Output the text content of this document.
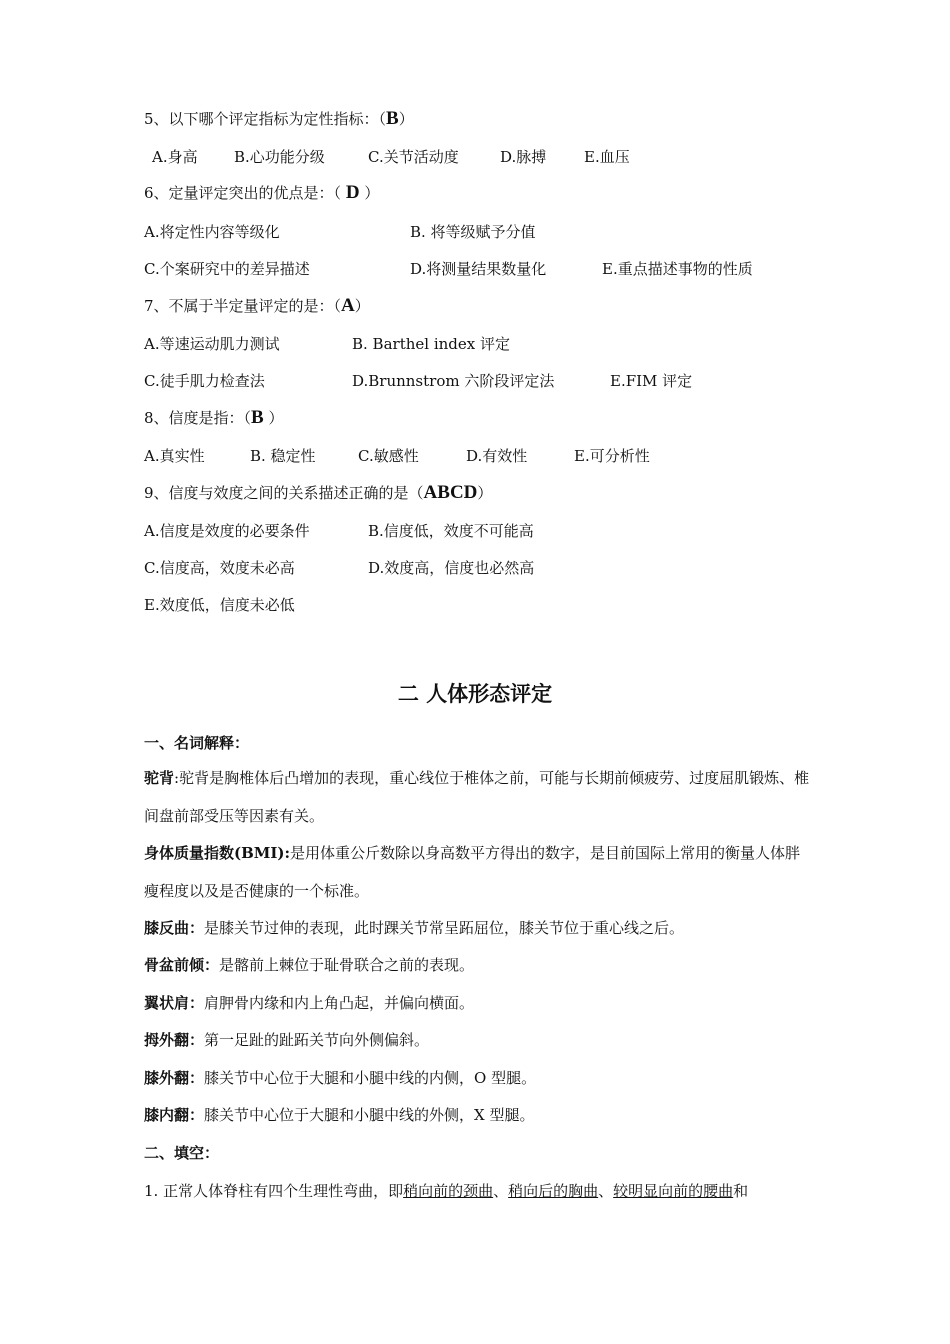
5、以下哪个评定指标为定性指标：（B）
A.身高 B.心功能分级	C.关节活动度	D.脉搏	E.血压
6、定量评定突出的优点是：（ D ）
A.将定性内容等级化	B. 将等级赋予分值
C.个案研究中的差异描述	D.将测量结果数量化	E.重点描述事物的性质
7、不属于半定量评定的是：（A）
A.等速运动肌力测试	B. Barthel index 评定
C.徒手肌力检查法	D.Brunnstrom 六阶段评定法	E.FIM 评定
8、信度是指：（B ）
A.真实性	B. 稳定性	C.敏感性	D.有效性	E.可分析性
9、信度与效度之间的关系描述正确的是（ABCD）
A.信度是效度的必要条件	B.信度低，效度不可能高
C.信度高，效度未必高	D.效度高，信度也必然高
E.效度低，信度未必低
二 人体形态评定
一、名词解释：
驼背:驼背是胸椎体后凸增加的表现，重心线位于椎体之前，可能与长期前倾疲劳、过度屈肌锻炼、椎间盘前部受压等因素有关。
身体质量指数(BMI):是用体重公斤数除以身高数平方得出的数字，是目前国际上常用的衡量人体胖瘦程度以及是否健康的一个标准。
膝反曲：是膝关节过伸的表现，此时踝关节常呈跖屈位，膝关节位于重心线之后。
骨盆前倾：是髂前上棘位于耻骨联合之前的表现。
翼状肩：肩胛骨内缘和内上角凸起，并偏向横面。
拇外翻：第一足趾的趾跖关节向外侧偏斜。
膝外翻：膝关节中心位于大腿和小腿中线的内侧，O 型腿。
膝内翻：膝关节中心位于大腿和小腿中线的外侧，X 型腿。
二、填空：
1. 正常人体脊柱有四个生理性弯曲，即稍向前的颈曲、稍向后的胸曲、较明显向前的腰曲和
